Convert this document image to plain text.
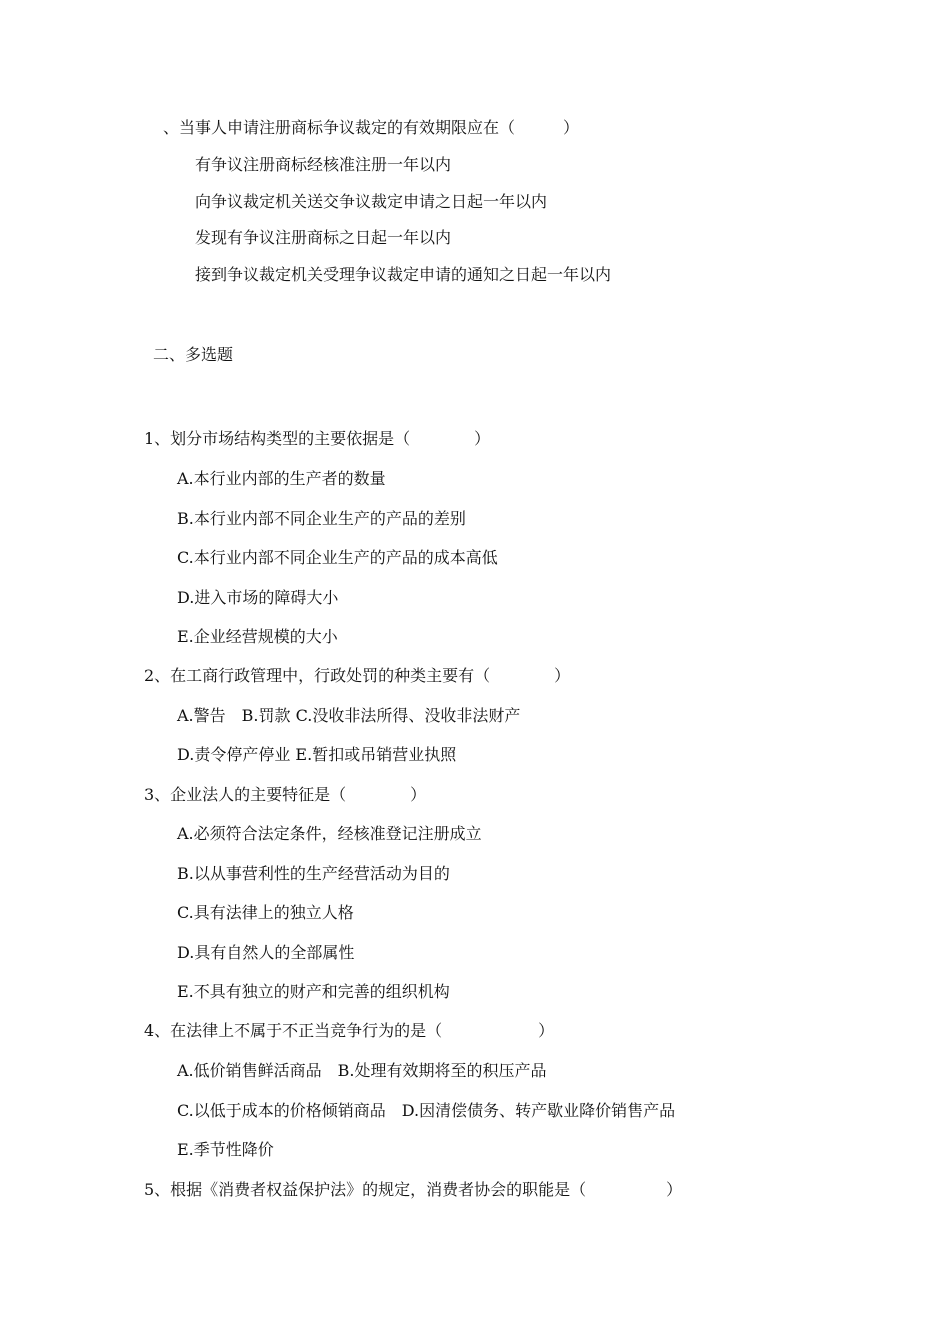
、当事人申请注册商标争议裁定的有效期限应在（　　　）
有争议注册商标经核准注册一年以内
向争议裁定机关送交争议裁定申请之日起一年以内
发现有争议注册商标之日起一年以内
接到争议裁定机关受理争议裁定申请的通知之日起一年以内
二、多选题
1、划分市场结构类型的主要依据是（　　　　）
A.本行业内部的生产者的数量
B.本行业内部不同企业生产的产品的差别
C.本行业内部不同企业生产的产品的成本高低
D.进入市场的障碍大小
E.企业经营规模的大小
2、在工商行政管理中，行政处罚的种类主要有（　　　　）
A.警告　B.罚款 C.没收非法所得、没收非法财产
D.责令停产停业 E.暂扣或吊销营业执照
3、企业法人的主要特征是（　　　　）
A.必须符合法定条件，经核准登记注册成立
B.以从事营利性的生产经营活动为目的
C.具有法律上的独立人格
D.具有自然人的全部属性
E.不具有独立的财产和完善的组织机构
4、在法律上不属于不正当竞争行为的是（　　　　　　）
A.低价销售鲜活商品　B.处理有效期将至的积压产品
C.以低于成本的价格倾销商品　D.因清偿债务、转产歇业降价销售产品
E.季节性降价
5、根据《消费者权益保护法》的规定，消费者协会的职能是（　　　　　）
